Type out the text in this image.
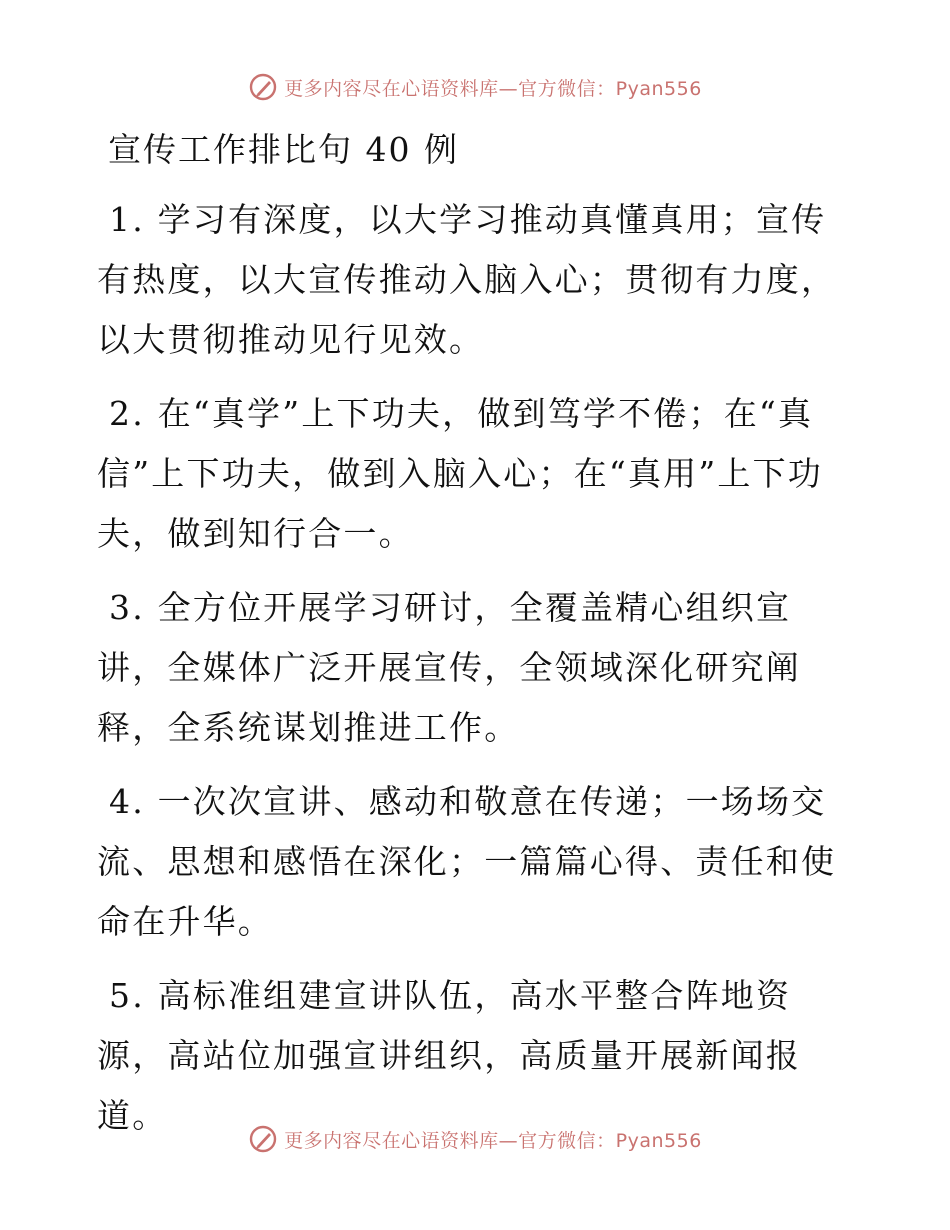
更多内容尽在心语资料库—官方微信：Pyan556
宣传工作排比句 40 例

1. 学习有深度，以大学习推动真懂真用；宣传有热度，以大宣传推动入脑入心；贯彻有力度，以大贯彻推动见行见效。

2. 在“真学”上下功夫，做到笃学不倦；在“真信”上下功夫，做到入脑入心；在“真用”上下功夫，做到知行合一。

3. 全方位开展学习研讨，全覆盖精心组织宣讲，全媒体广泛开展宣传，全领域深化研究阐释，全系统谋划推进工作。

4. 一次次宣讲、感动和敬意在传递；一场场交流、思想和感悟在深化；一篇篇心得、责任和使命在升华。

5. 高标准组建宣讲队伍，高水平整合阵地资源，高站位加强宣讲组织，高质量开展新闻报道。

更多内容尽在心语资料库—官方微信：Pyan556
